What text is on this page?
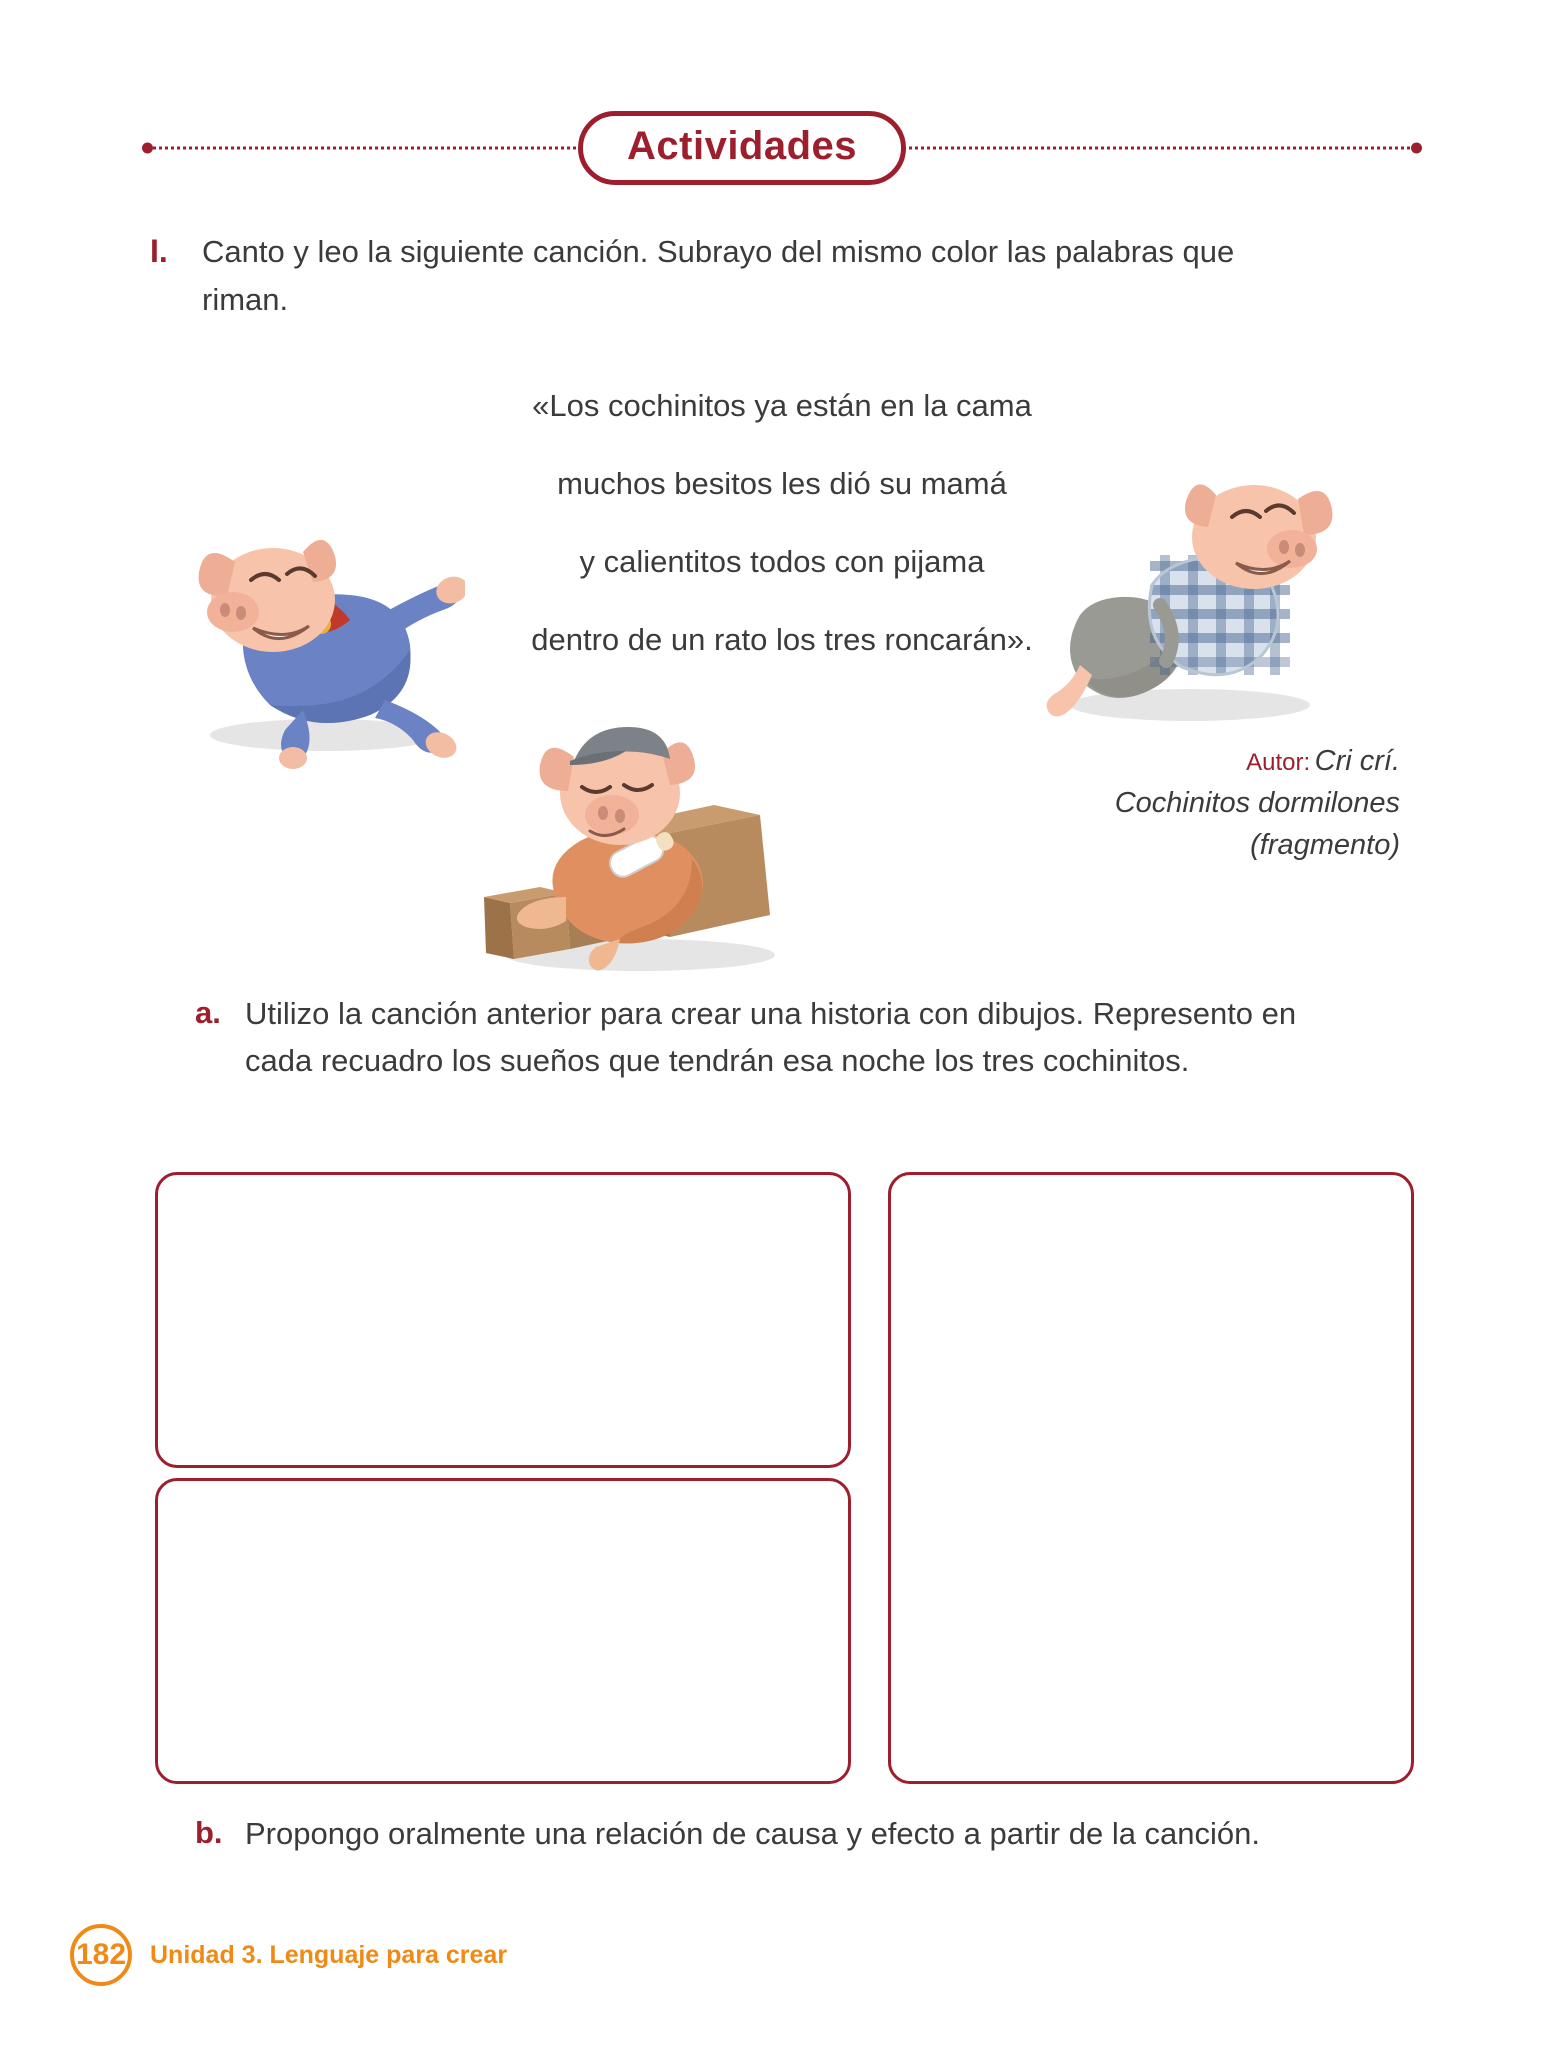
Actividades
I.	Canto y leo la siguiente canción. Subrayo del mismo color las palabras que riman.
«Los cochinitos ya están en la cama
muchos besitos les dió su mamá
y calientitos todos con pijama
dentro de un rato los tres roncarán».
Autor: Cri crí.
Cochinitos dormilones
(fragmento)
a. Utilizo la canción anterior para crear una historia con dibujos. Represento en cada recuadro los sueños que tendrán esa noche los tres cochinitos.
b. Propongo oralmente una relación de causa y efecto a partir de la canción.
182 Unidad 3. Lenguaje para crear
